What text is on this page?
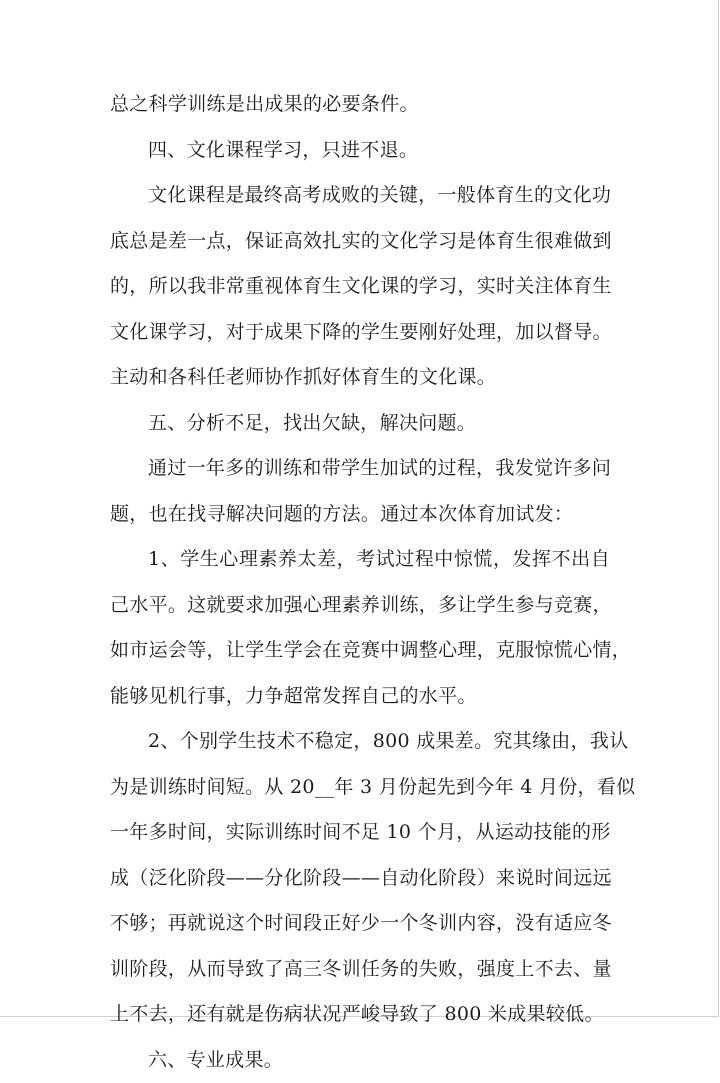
总之科学训练是出成果的必要条件。
四、文化课程学习，只进不退。
文化课程是最终高考成败的关键，一般体育生的文化功
底总是差一点，保证高效扎实的文化学习是体育生很难做到
的，所以我非常重视体育生文化课的学习，实时关注体育生
文化课学习，对于成果下降的学生要刚好处理，加以督导。
主动和各科任老师协作抓好体育生的文化课。
五、分析不足，找出欠缺，解决问题。
通过一年多的训练和带学生加试的过程，我发觉许多问
题，也在找寻解决问题的方法。通过本次体育加试发：
1、学生心理素养太差，考试过程中惊慌，发挥不出自
己水平。这就要求加强心理素养训练，多让学生参与竞赛，
如市运会等，让学生学会在竞赛中调整心理，克服惊慌心情，
能够见机行事，力争超常发挥自己的水平。
2、个别学生技术不稳定，800 成果差。究其缘由，我认
为是训练时间短。从 20__年 3 月份起先到今年 4 月份，看似
一年多时间，实际训练时间不足 10 个月，从运动技能的形
成（泛化阶段——分化阶段——自动化阶段）来说时间远远
不够；再就说这个时间段正好少一个冬训内容，没有适应冬
训阶段，从而导致了高三冬训任务的失败，强度上不去、量
上不去，还有就是伤病状况严峻导致了 800 米成果较低。
六、专业成果。
